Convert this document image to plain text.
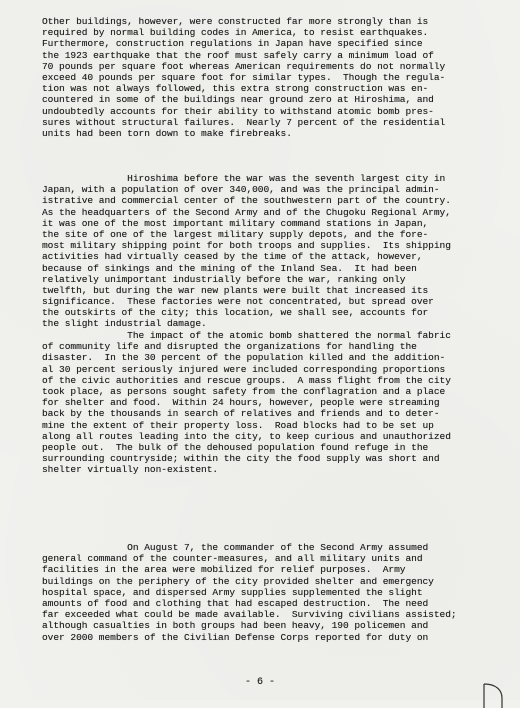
Other buildings, however, were constructed far more strongly than is
required by normal building codes in America, to resist earthquakes.
Furthermore, construction regulations in Japan have specified since
the 1923 earthquake that the roof must safely carry a minimum load of
70 pounds per square foot whereas American requirements do not normally
exceed 40 pounds per square foot for similar types.  Though the regula-
tion was not always followed, this extra strong construction was en-
countered in some of the buildings near ground zero at Hiroshima, and
undoubtedly accounts for their ability to withstand atomic bomb pres-
sures without structural failures.  Nearly 7 percent of the residential
units had been torn down to make firebreaks.
Hiroshima before the war was the seventh largest city in
Japan, with a population of over 340,000, and was the principal admin-
istrative and commercial center of the southwestern part of the country.
As the headquarters of the Second Army and of the Chugoku Regional Army,
it was one of the most important military command stations in Japan,
the site of one of the largest military supply depots, and the fore-
most military shipping point for both troops and supplies.  Its shipping
activities had virtually ceased by the time of the attack, however,
because of sinkings and the mining of the Inland Sea.  It had been
relatively unimportant industrially before the war, ranking only
twelfth, but during the war new plants were built that increased its
significance.  These factories were not concentrated, but spread over
the outskirts of the city; this location, we shall see, accounts for
the slight industrial damage.
The impact of the atomic bomb shattered the normal fabric
of community life and disrupted the organizations for handling the
disaster.  In the 30 percent of the population killed and the addition-
al 30 percent seriously injured were included corresponding proportions
of the civic authorities and rescue groups.  A mass flight from the city
took place, as persons sought safety from the conflagration and a place
for shelter and food.  Within 24 hours, however, people were streaming
back by the thousands in search of relatives and friends and to deter-
mine the extent of their property loss.  Road blocks had to be set up
along all routes leading into the city, to keep curious and unauthorized
people out.  The bulk of the dehoused population found refuge in the
surrounding countryside; within the city the food supply was short and
shelter virtually non-existent.
On August 7, the commander of the Second Army assumed
general command of the counter-measures, and all military units and
facilities in the area were mobilized for relief purposes.  Army
buildings on the periphery of the city provided shelter and emergency
hospital space, and dispersed Army supplies supplemented the slight
amounts of food and clothing that had escaped destruction.  The need
far exceeded what could be made available.  Surviving civilians assisted;
although casualties in both groups had been heavy, 190 policemen and
over 2000 members of the Civilian Defense Corps reported for duty on
- 6 -
